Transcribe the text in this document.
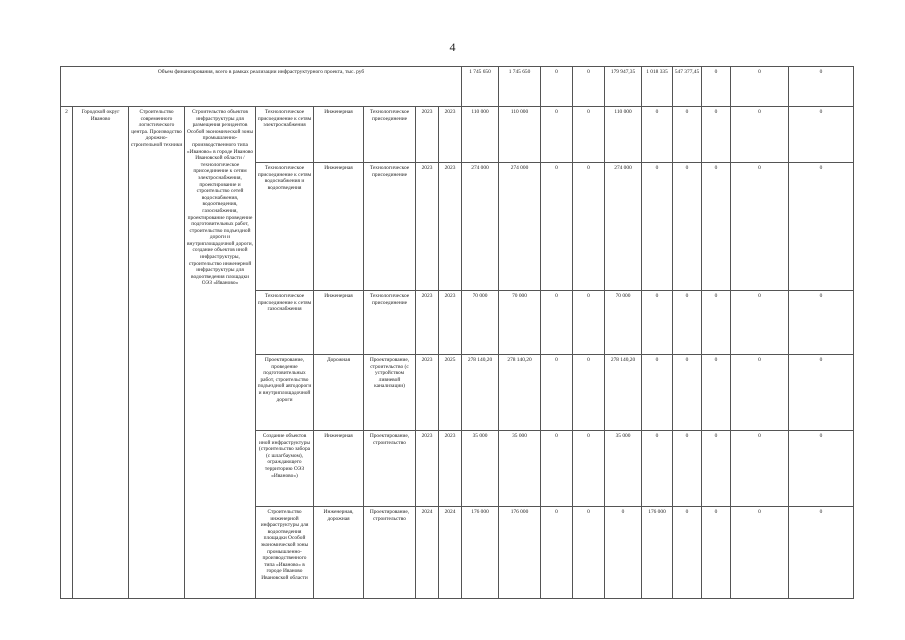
4
Объем финансирования, всего в рамках реализации инфраструктурного проекта, тыс. руб									1 745 650	1 745 650	0	0	179 947,35	1 018 335	547 377,45	0	0	0
2	Городской округ Иваново	Строительство современного логистического центра. Производство дорожно-строительной техники	Строительство объектов инфраструктуры для размещения резидентов Особой экономической зоны промышленно-производственного типа «Иваново» в городе Иваново Ивановской области / технологическое присоединение к сетям электроснабжения, проектирование и строительство сетей водоснабжения, водоотведения, газоснабжения, проектирование проведение подготовительных работ, строительство подъездной дороги и внутриплощадочной дороги, создание объектов иной инфраструктуры, строительство инженерной инфраструктуры для водоотведения площадки ОЭЗ «Иваново»	Технологическое присоединение к сетям электроснабжения	Инженерная	Технологическое присоединение	2023	2023	110 000	110 000	0	0	110 000	0	0	0	0	0
				Технологическое присоединение к сетям водоснабжения и водоотведения	Инженерная	Технологическое присоединение	2023	2023	274 000	274 000	0	0	274 000	0	0	0	0	0
				Технологическое присоединение к сетям газоснабжения	Инженерная	Технологическое присоединение	2023	2023	70 000	70 000	0	0	70 000	0	0	0	0	0
				Проектирование, проведение подготовительных работ, строительство подъездной автодороги и внутриплощадочной дороги	Дорожная	Проектирование, строительство (с устройством ливневой канализации)	2023	2025	278 140,20	278 140,20	0	0	278 140,20	0	0	0	0	0
				Создание объектов иной инфраструктуры (строительство забора (с шлагбаумом), ограждающего территорию ОЭЗ «Иваново»)	Инженерная	Проектирование, строительство	2023	2023	35 000	35 000	0	0	35 000	0	0	0	0	0
				Строительство инженерной инфраструктуры для водоотведения площадки Особой экономической зоны промышленно-производственного типа «Иваново» в городе Иваново Ивановской области	Инженерная, дорожная	Проектирование, строительство	2024	2024	176 000	176 000	0	0	0	176 000	0	0	0	0
